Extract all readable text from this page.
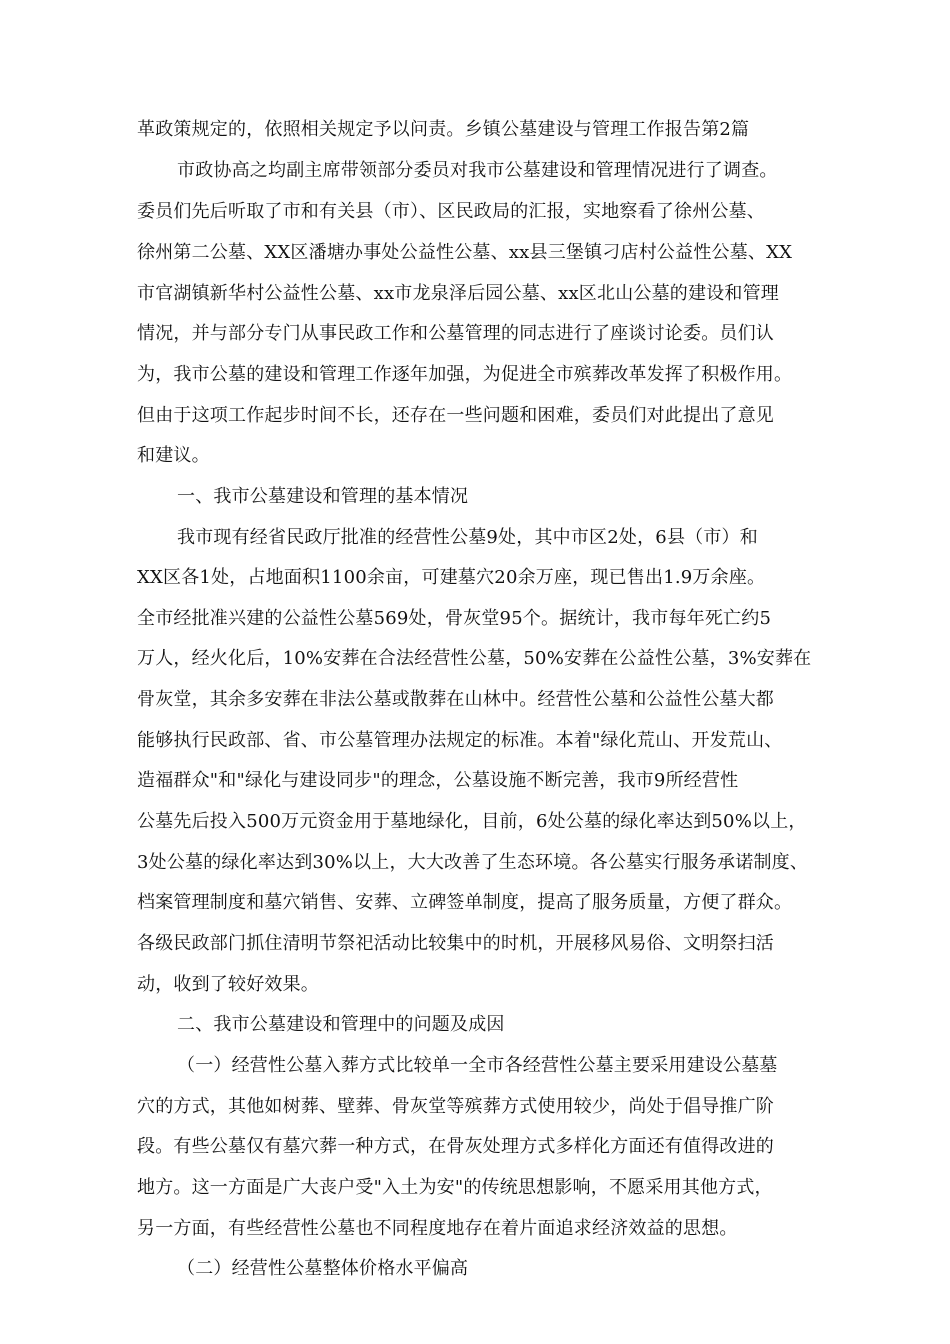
革政策规定的，依照相关规定予以问责。乡镇公墓建设与管理工作报告第2篇
市政协高之均副主席带领部分委员对我市公墓建设和管理情况进行了调查。
委员们先后听取了市和有关县（市）、区民政局的汇报，实地察看了徐州公墓、
徐州第二公墓、XX区潘塘办事处公益性公墓、xx县三堡镇刁店村公益性公墓、XX
市官湖镇新华村公益性公墓、xx市龙泉泽后园公墓、xx区北山公墓的建设和管理
情况，并与部分专门从事民政工作和公墓管理的同志进行了座谈讨论委。员们认
为，我市公墓的建设和管理工作逐年加强，为促进全市殡葬改革发挥了积极作用。
但由于这项工作起步时间不长，还存在一些问题和困难，委员们对此提出了意见
和建议。
一、我市公墓建设和管理的基本情况
我市现有经省民政厅批准的经营性公墓9处，其中市区2处，6县（市）和
XX区各1处，占地面积1100余亩，可建墓穴20余万座，现已售出1.9万余座。
全市经批准兴建的公益性公墓569处，骨灰堂95个。据统计，我市每年死亡约5
万人，经火化后，10%安葬在合法经营性公墓，50%安葬在公益性公墓，3%安葬在
骨灰堂，其余多安葬在非法公墓或散葬在山林中。经营性公墓和公益性公墓大都
能够执行民政部、省、市公墓管理办法规定的标准。本着"绿化荒山、开发荒山、
造福群众"和"绿化与建设同步"的理念，公墓设施不断完善，我市9所经营性
公墓先后投入500万元资金用于墓地绿化，目前，6处公墓的绿化率达到50%以上，
3处公墓的绿化率达到30%以上，大大改善了生态环境。各公墓实行服务承诺制度、
档案管理制度和墓穴销售、安葬、立碑签单制度，提高了服务质量，方便了群众。
各级民政部门抓住清明节祭祀活动比较集中的时机，开展移风易俗、文明祭扫活
动，收到了较好效果。
二、我市公墓建设和管理中的问题及成因
（一）经营性公墓入葬方式比较单一全市各经营性公墓主要采用建设公墓墓
穴的方式，其他如树葬、壁葬、骨灰堂等殡葬方式使用较少，尚处于倡导推广阶
段。有些公墓仅有墓穴葬一种方式，在骨灰处理方式多样化方面还有值得改进的
地方。这一方面是广大丧户受"入土为安"的传统思想影响，不愿采用其他方式，
另一方面，有些经营性公墓也不同程度地存在着片面追求经济效益的思想。
（二）经营性公墓整体价格水平偏高
